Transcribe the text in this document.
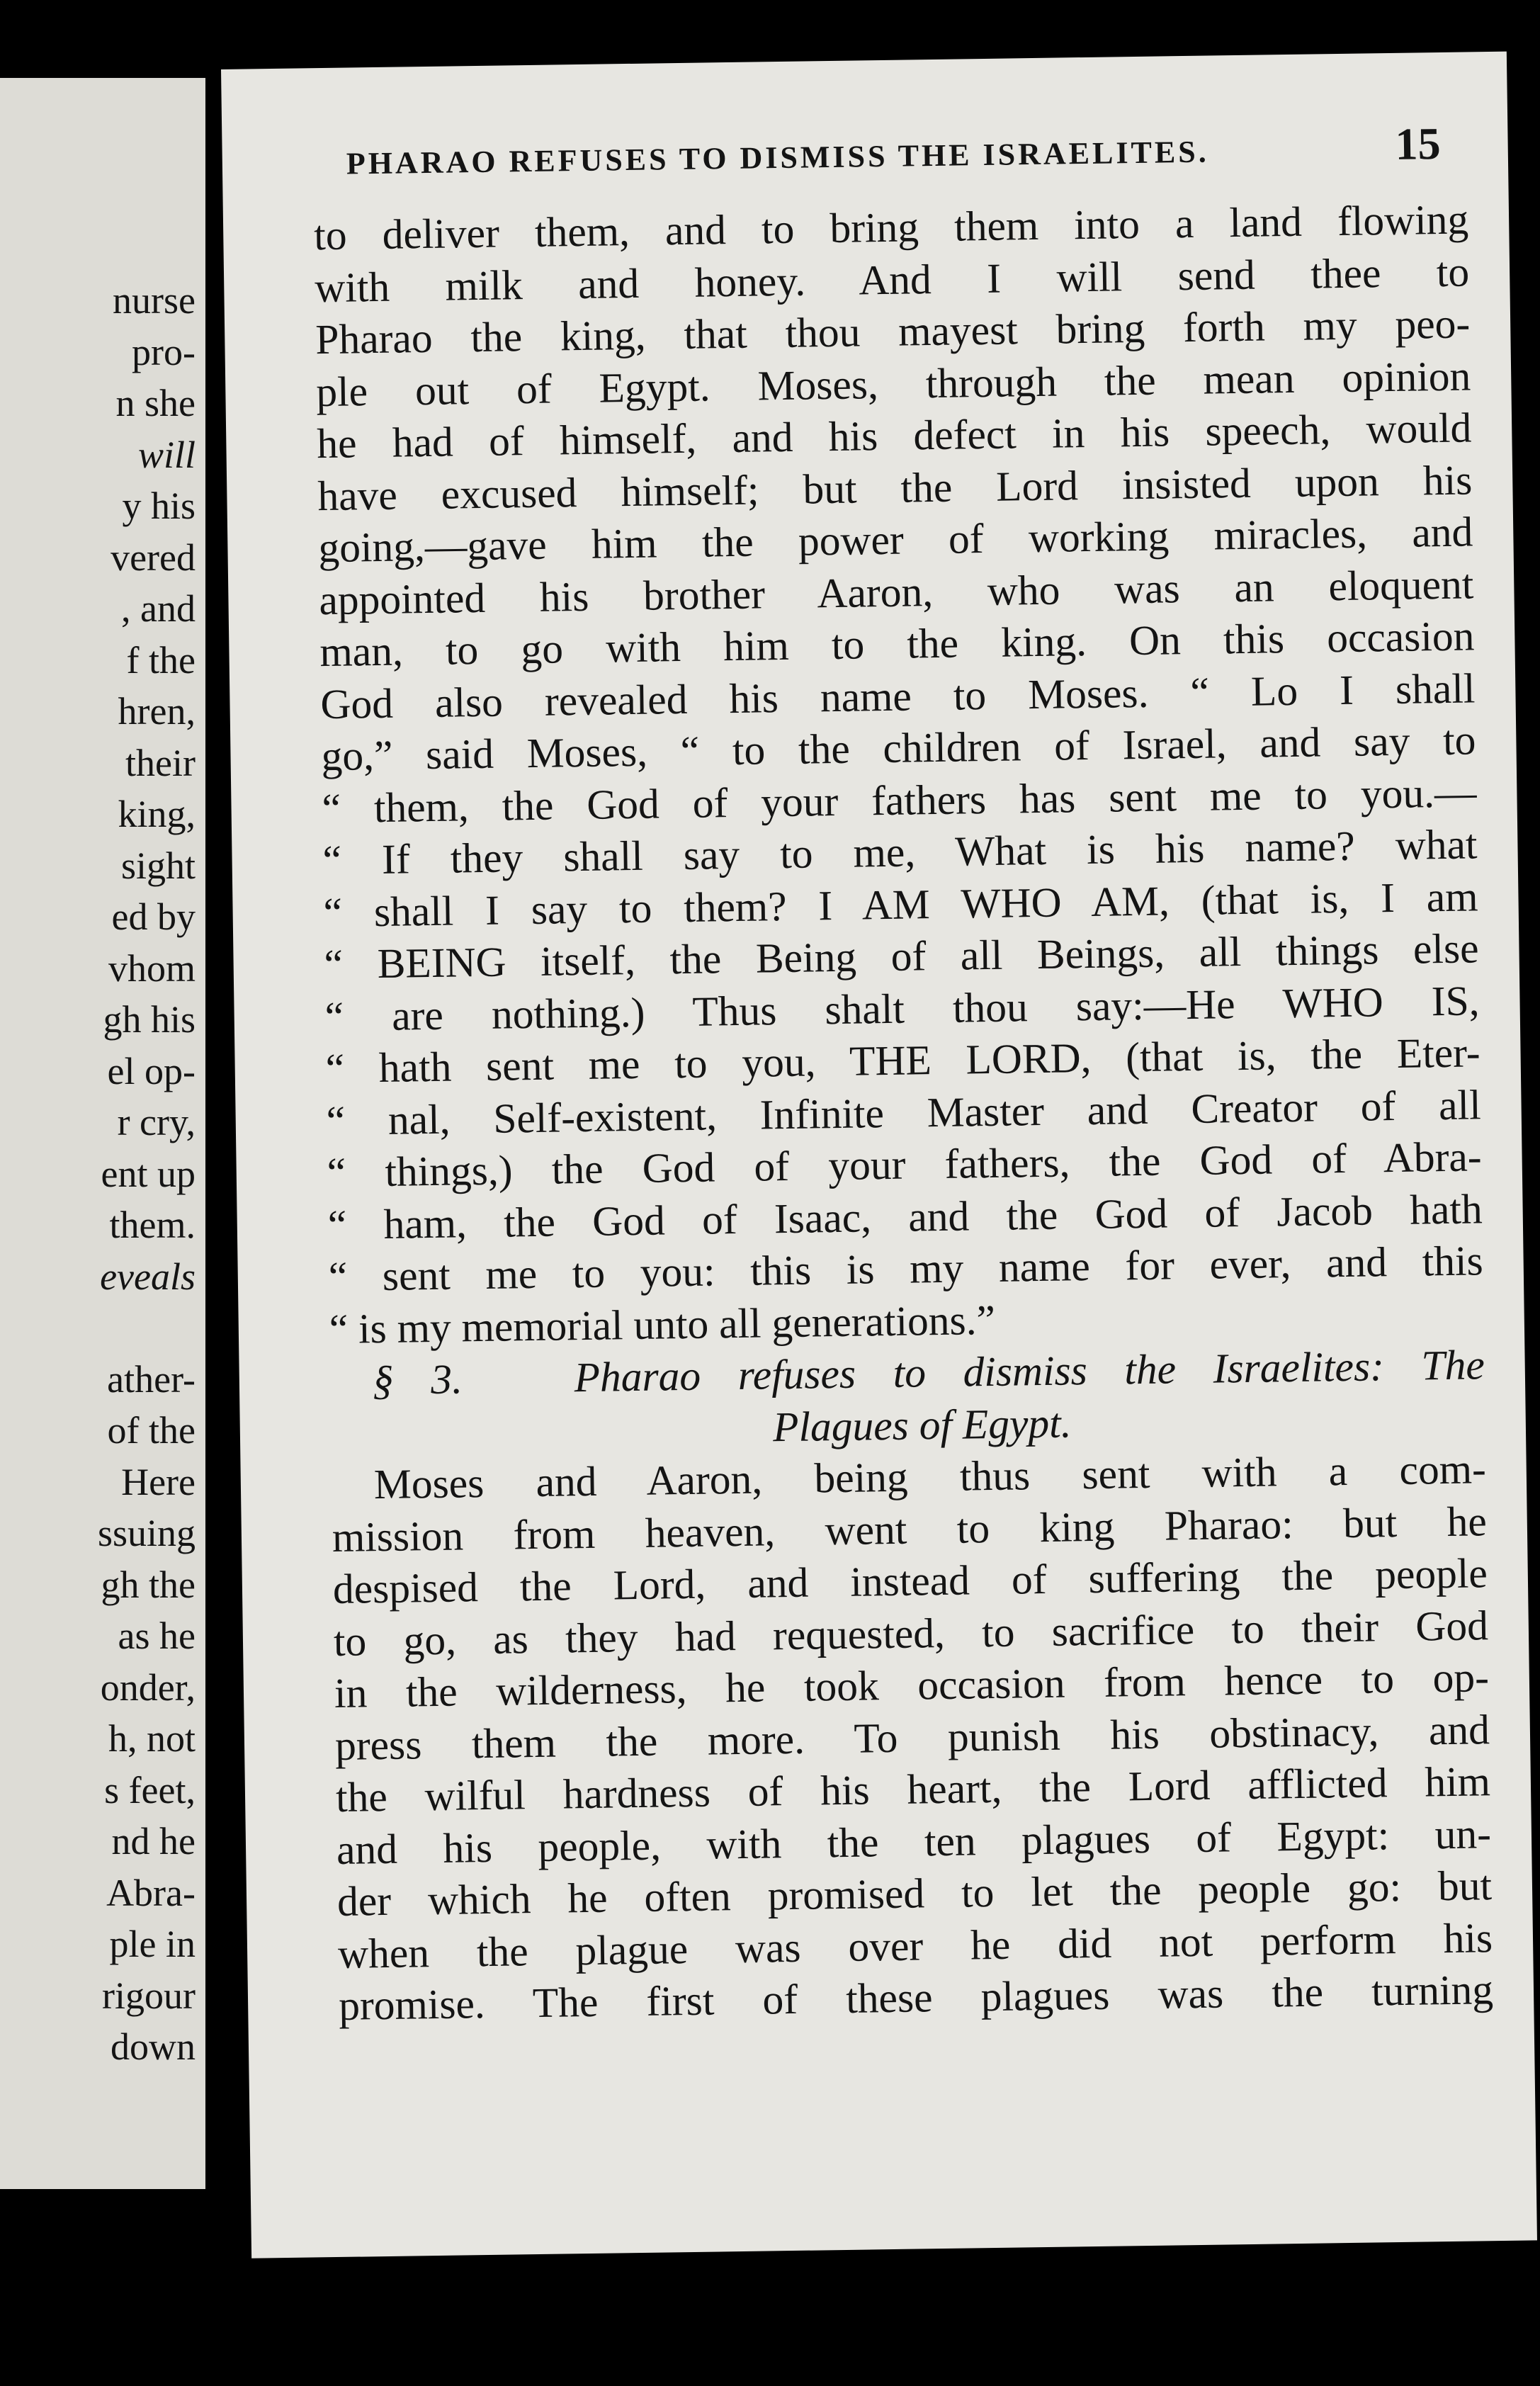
nurse
pro-
n she
will
y his
vered
, and
f the
hren,
their
king,
sight
ed by
vhom
gh his
el op-
r cry,
ent up
them.
eveals

ather-
of the
Here
ssuing
gh the
as he
onder,
h, not
s feet,
nd he
Abra-
ple in
rigour
down
PHARAO REFUSES TO DISMISS THE ISRAELITES.	15
to deliver them, and to bring them into a land flowing
with milk and honey. And I will send thee to
Pharao the king, that thou mayest bring forth my peo-
ple out of Egypt. Moses, through the mean opinion
he had of himself, and his defect in his speech, would
have excused himself; but the Lord insisted upon his
going,—gave him the power of working miracles, and
appointed his brother Aaron, who was an eloquent
man, to go with him to the king. On this occasion
God also revealed his name to Moses. “ Lo I shall
go,” said Moses, “ to the children of Israel, and say to
“ them, the God of your fathers has sent me to you.—
“ If they shall say to me, What is his name? what
“ shall I say to them? I AM WHO AM, (that is, I am
“ BEING itself, the Being of all Beings, all things else
“ are nothing.) Thus shalt thou say:—He WHO IS,
“ hath sent me to you, THE LORD, (that is, the Eter-
“ nal, Self-existent, Infinite Master and Creator of all
“ things,) the God of your fathers, the God of Abra-
“ ham, the God of Isaac, and the God of Jacob hath
“ sent me to you: this is my name for ever, and this
“ is my memorial unto all generations.”
§ 3.	Pharao refuses to dismiss the Israelites: The
Plagues of Egypt.
Moses and Aaron, being thus sent with a com-
mission from heaven, went to king Pharao: but he
despised the Lord, and instead of suffering the people
to go, as they had requested, to sacrifice to their God
in the wilderness, he took occasion from hence to op-
press them the more. To punish his obstinacy, and
the wilful hardness of his heart, the Lord afflicted him
and his people, with the ten plagues of Egypt: un-
der which he often promised to let the people go: but
when the plague was over he did not perform his
promise. The first of these plagues was the turning
